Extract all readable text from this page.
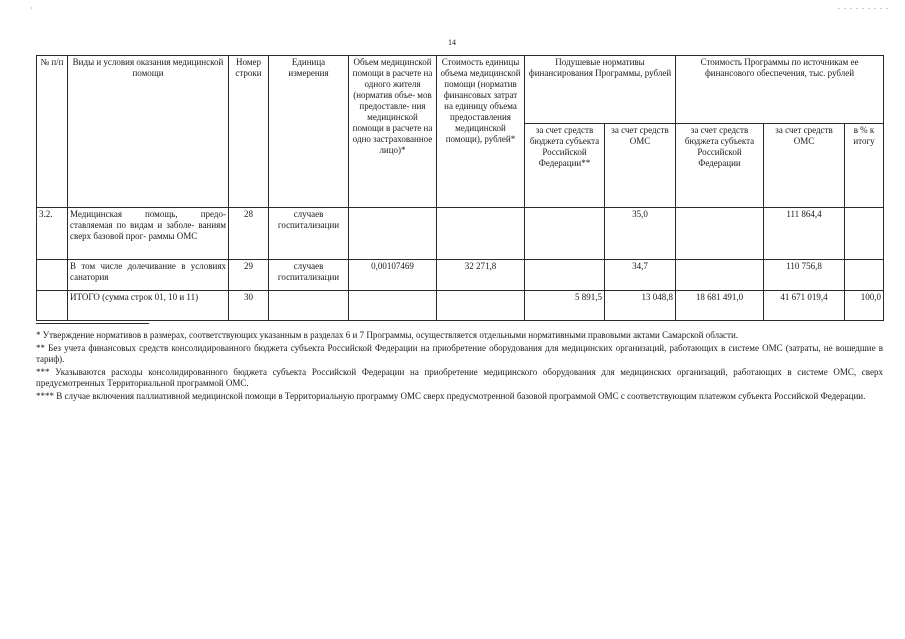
·	. . . . . . . . .
14
№ п/п	Виды и условия оказания медицинской помощи	Номер строки	Единица измерения	Объем медицинской помощи в расчете на одного жителя (норматив объе- мов предоставле- ния медицинской помощи в расчете на одно застрахованное лицо)*	Стоимость единицы объема медицинской помощи (норматив финансовых затрат на единицу объема предоставления медицинской помощи), рублей*	Подушевые нормативы финансирования Программы, рублей		Стоимость Программы по источникам ее финансового обеспечения, тыс. рублей		
						за счет средств бюджета субъекта Российской Федерации**	за счет средств ОМС	за счет средств бюджета субъекта Российской Федерации	за счет средств ОМС	в % к итогу
3.2.	Медицинская помощь, предо- ставляемая по видам и заболе- ваниям сверх базовой прог- раммы ОМС	28	случаев госпитализации				35,0		111 864,4	
	В том числе долечивание в условиях санатория	29	случаев госпитализации	0,00107469	32 271,8		34,7		110 756,8	
	ИТОГО (сумма строк 01, 10 и 11)	30				5 891,5	13 048,8	18 681 491,0	41 671 019,4	100,0

* Утверждение нормативов в размерах, соответствующих указанным в разделах 6 и 7 Программы, осуществляется отдельными нормативными правовыми актами Самарской области.

** Без учета финансовых средств консолидированного бюджета субъекта Российской Федерации на приобретение оборудования для медицинских организаций, работающих в системе ОМС (затраты, не вошедшие в тариф).

*** Указываются расходы консолидированного бюджета субъекта Российской Федерации на приобретение медицинского оборудования для медицинских организаций, работающих в системе ОМС, сверх предусмотренных Территориальной программой ОМС.

**** В случае включения паллиативной медицинской помощи в Территориальную программу ОМС сверх предусмотренной базовой программой ОМС с соответствующим платежом субъекта Российской Федерации.
